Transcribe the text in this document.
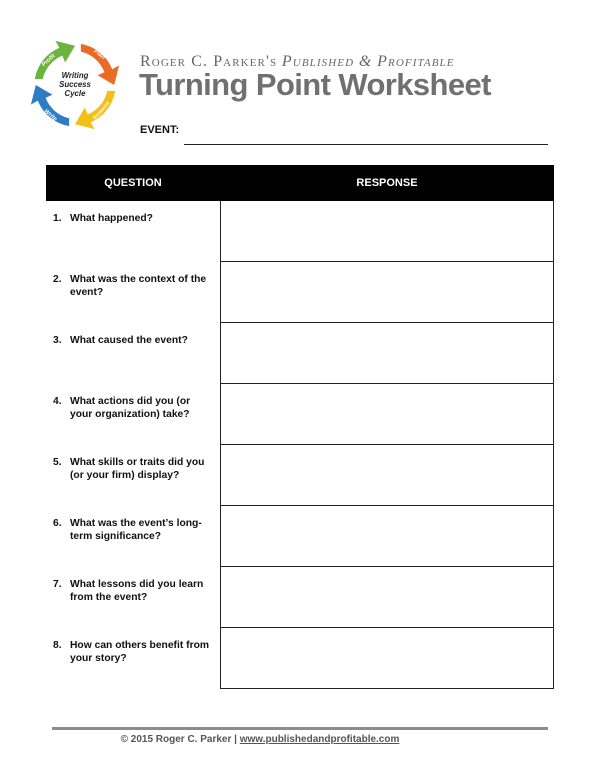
Plan
Research
Write
Profit
Writing
Success
Cycle
Roger C. Parker's Published & Profitable
Turning Point Worksheet
EVENT:
QUESTION	RESPONSE
1. What happened?
2. What was the context of the event?
3. What caused the event?
4. What actions did you (or your organization) take?
5. What skills or traits did you (or your firm) display?
6. What was the event’s long-term significance?
7. What lessons did you learn from the event?
8. How can others benefit from your story?
© 2015 Roger C. Parker | www.publishedandprofitable.com
